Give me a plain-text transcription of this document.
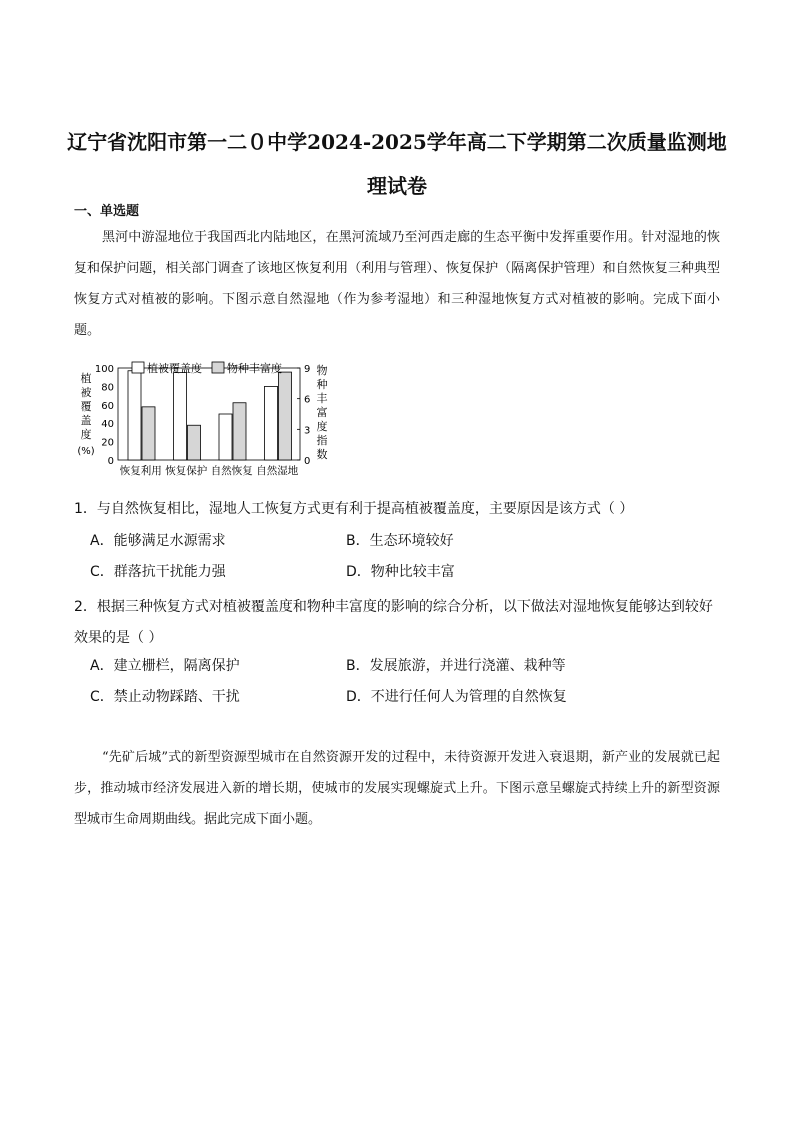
辽宁省沈阳市第一二０中学2024-2025学年高二下学期第二次质量监测地
理试卷
一、单选题
黑河中游湿地位于我国西北内陆地区，在黑河流域乃至河西走廊的生态平衡中发挥重要作用。针对湿地的恢复和保护问题，相关部门调查了该地区恢复利用（利用与管理）、恢复保护（隔离保护管理）和自然恢复三种典型恢复方式对植被的影响。下图示意自然湿地（作为参考湿地）和三种湿地恢复方式对植被的影响。完成下面小题。
植
被
覆
盖
度
(%)
物
种
丰
富
度
指
数
100
80
60
40
20
0
9
6
3
0
恢复利用 恢复保护 自然恢复 自然湿地
植被覆盖度 物种丰富度
1．与自然恢复相比，湿地人工恢复方式更有利于提高植被覆盖度，主要原因是该方式（ ）
A．能够满足水源需求	B．生态环境较好
C．群落抗干扰能力强	D．物种比较丰富
2．根据三种恢复方式对植被覆盖度和物种丰富度的影响的综合分析，以下做法对湿地恢复能够达到较好效果的是（ ）
A．建立栅栏，隔离保护	B．发展旅游，并进行浇灌、栽种等
C．禁止动物踩踏、干扰	D．不进行任何人为管理的自然恢复
“先矿后城”式的新型资源型城市在自然资源开发的过程中，未待资源开发进入衰退期，新产业的发展就已起步，推动城市经济发展进入新的增长期，使城市的发展实现螺旋式上升。下图示意呈螺旋式持续上升的新型资源型城市生命周期曲线。据此完成下面小题。
